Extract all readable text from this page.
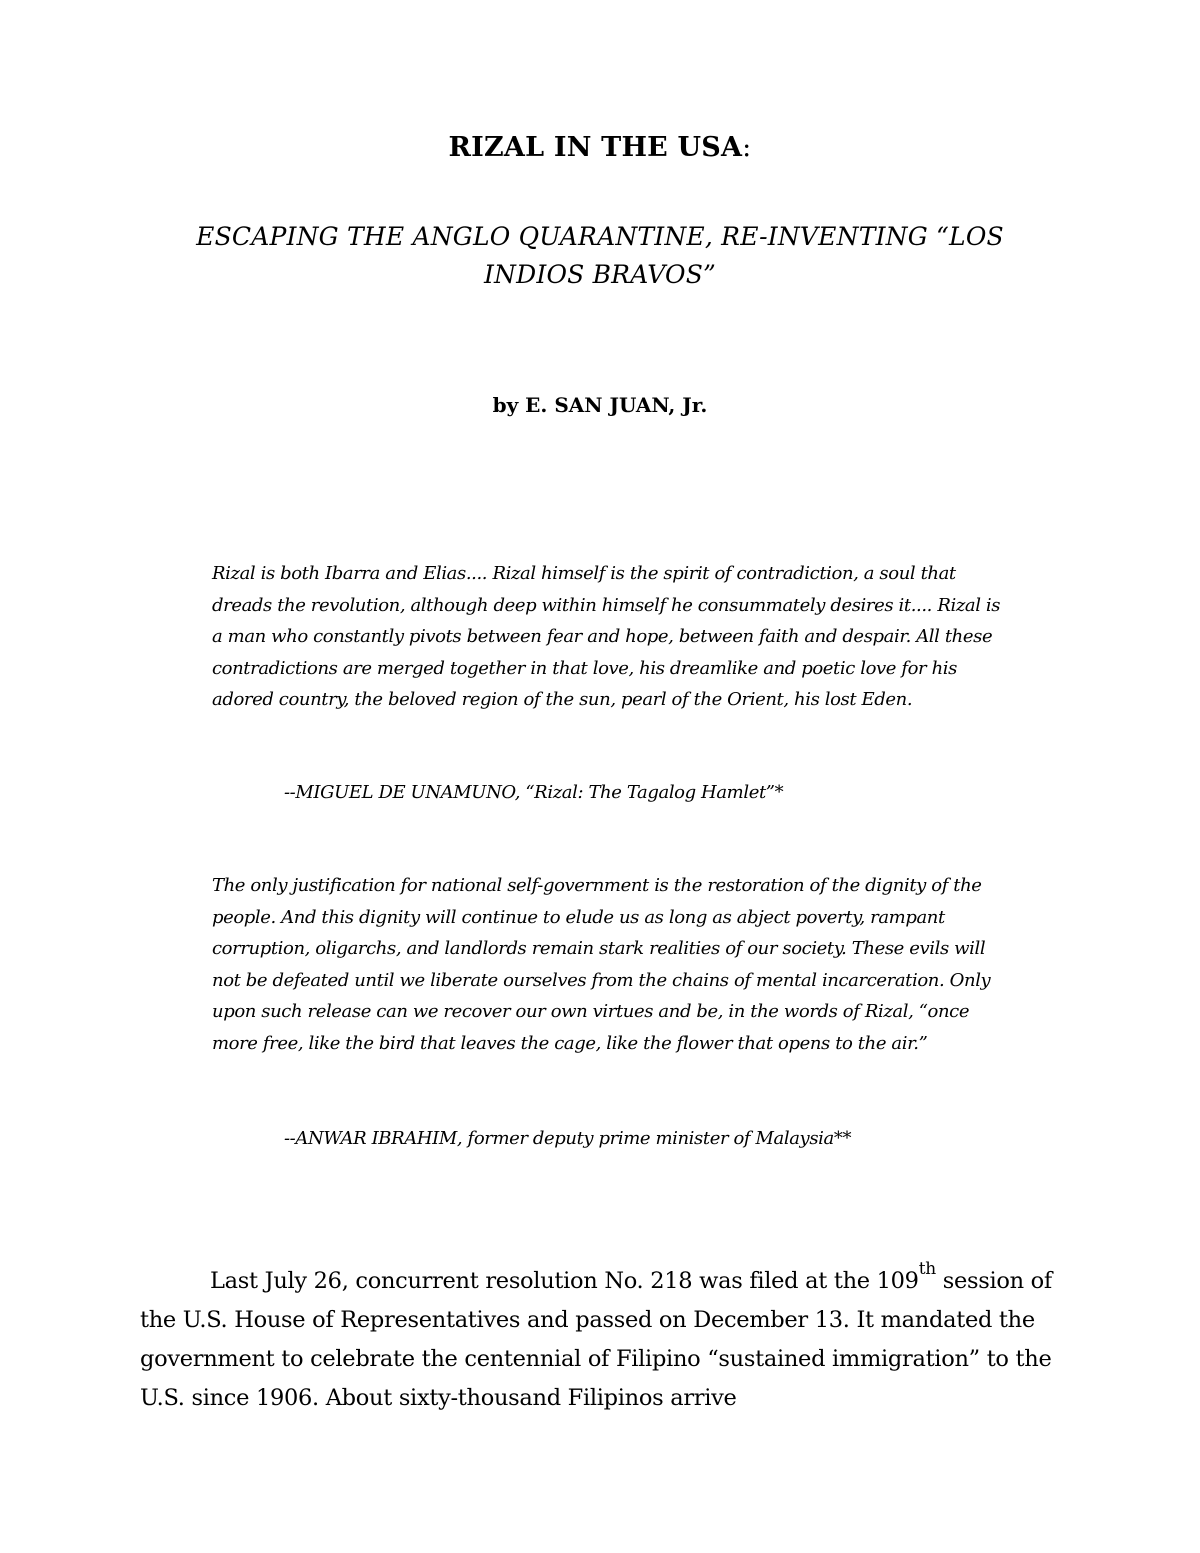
RIZAL IN THE USA:
ESCAPING THE ANGLO QUARANTINE, RE-INVENTING “LOS
INDIOS BRAVOS”
by E. SAN JUAN, Jr.
Rizal is both Ibarra and Elias.... Rizal himself is the spirit of contradiction, a soul that dreads the revolution, although deep within himself he consummately desires it.... Rizal is a man who constantly pivots between fear and hope, between faith and despair. All these contradictions are merged together in that love, his dreamlike and poetic love for his adored country, the beloved region of the sun, pearl of the Orient, his lost Eden.
--MIGUEL DE UNAMUNO, “Rizal: The Tagalog Hamlet”*
The only justification for national self-government is the restoration of the dignity of the people. And this dignity will continue to elude us as long as abject poverty, rampant corruption, oligarchs, and landlords remain stark realities of our society. These evils will not be defeated until we liberate ourselves from the chains of mental incarceration. Only upon such release can we recover our own virtues and be, in the words of Rizal, “once more free, like the bird that leaves the cage, like the flower that opens to the air.”
--ANWAR IBRAHIM, former deputy prime minister of Malaysia**
Last July 26, concurrent resolution No. 218 was filed at the 109th session of the U.S. House of Representatives and passed on December 13. It mandated the government to celebrate the centennial of Filipino “sustained immigration” to the U.S. since 1906. About sixty-thousand Filipinos arrive
